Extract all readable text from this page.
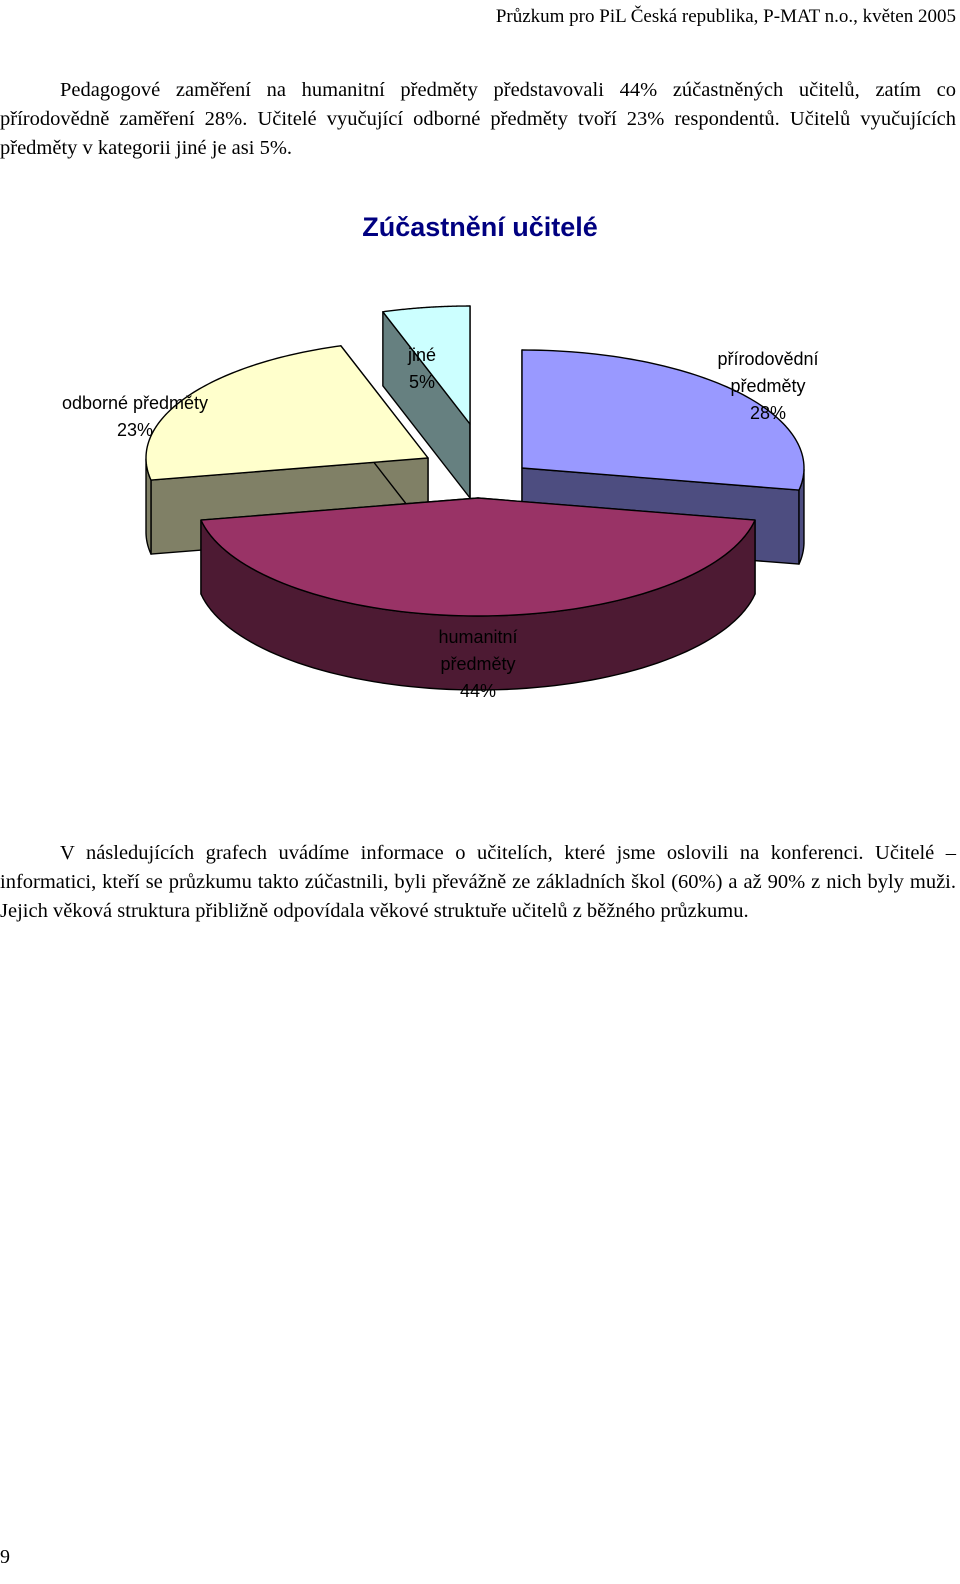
Průzkum pro PiL Česká republika, P-MAT n.o., květen 2005

Pedagogové zaměření na humanitní předměty představovali 44% zúčastněných učitelů, zatím co přírodovědně zaměření 28%. Učitelé vyučující odborné předměty tvoří 23% respondentů. Učitelů vyučujících předměty v kategorii jiné je asi 5%.

Zúčastnění učitelé
přírodovědní
předměty
28%
humanitní
předměty
44%
odborné předměty
23%
jiné
5%

V následujících grafech uvádíme informace o učitelích, které jsme oslovili na konferenci. Učitelé – informatici, kteří se průzkumu takto zúčastnili, byli převážně ze základních škol (60%) a až 90% z nich byly muži. Jejich věková struktura přibližně odpovídala věkové struktuře učitelů z běžného průzkumu.

9
